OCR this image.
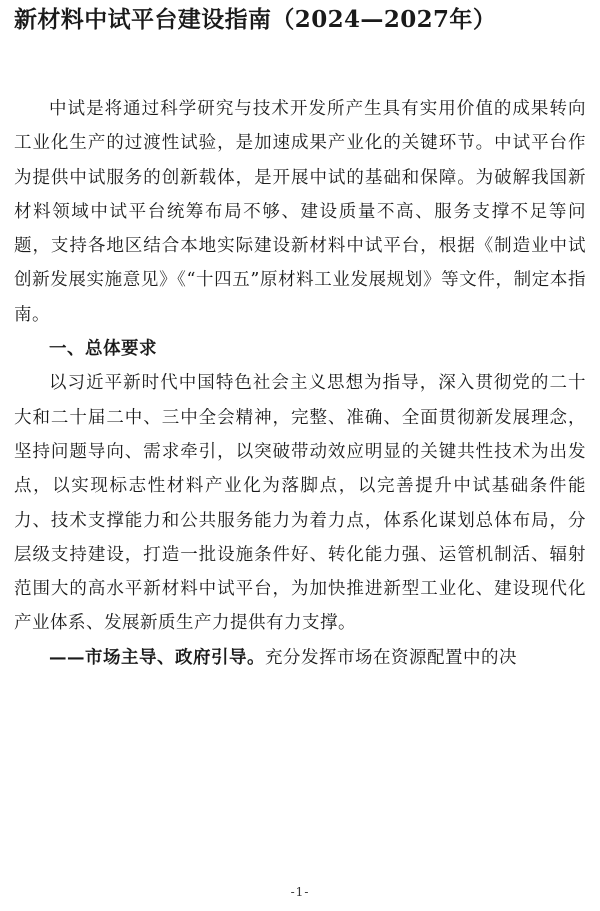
新材料中试平台建设指南（2024—2027年）

中试是将通过科学研究与技术开发所产生具有实用价值的成果转向工业化生产的过渡性试验，是加速成果产业化的关键环节。中试平台作为提供中试服务的创新载体，是开展中试的基础和保障。为破解我国新材料领域中试平台统筹布局不够、建设质量不高、服务支撑不足等问题，支持各地区结合本地实际建设新材料中试平台，根据《制造业中试创新发展实施意见》《“十四五”原材料工业发展规划》等文件，制定本指南。

一、总体要求

以习近平新时代中国特色社会主义思想为指导，深入贯彻党的二十大和二十届二中、三中全会精神，完整、准确、全面贯彻新发展理念，坚持问题导向、需求牵引，以突破带动效应明显的关键共性技术为出发点，以实现标志性材料产业化为落脚点，以完善提升中试基础条件能力、技术支撑能力和公共服务能力为着力点，体系化谋划总体布局，分层级支持建设，打造一批设施条件好、转化能力强、运管机制活、辐射范围大的高水平新材料中试平台，为加快推进新型工业化、建设现代化产业体系、发展新质生产力提供有力支撑。

——市场主导、政府引导。充分发挥市场在资源配置中的决

-1-
